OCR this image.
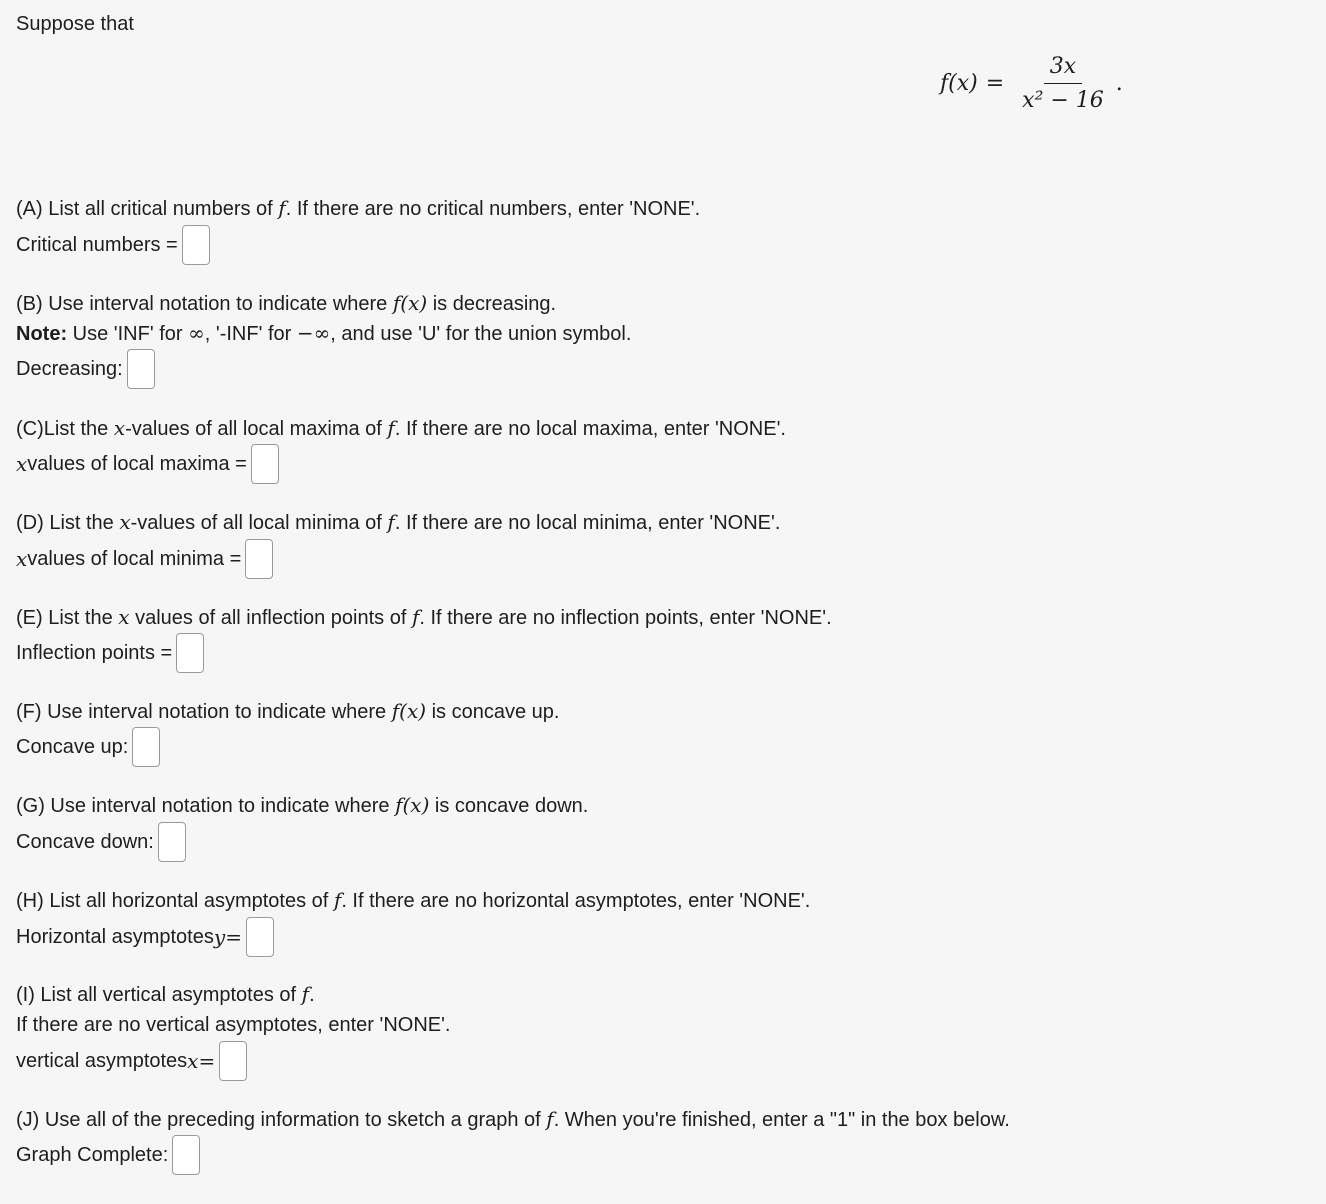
Suppose that
$f(x) = \frac{3x}{\text{x² − 16}}$ .
(A) List all critical numbers of f. If there are no critical numbers, enter 'NONE'.
Critical numbers =
(B) Use interval notation to indicate where f(x) is decreasing.
Note: Use 'INF' for ∞, '-INF' for −∞, and use 'U' for the union symbol.
Decreasing:
(C)List the x-values of all local maxima of f. If there are no local maxima, enter 'NONE'.
x values of local maxima =
(D) List the x-values of all local minima of f. If there are no local minima, enter 'NONE'.
x values of local minima =
(E) List the x values of all inflection points of f. If there are no inflection points, enter 'NONE'.
Inflection points =
(F) Use interval notation to indicate where f(x) is concave up.
Concave up:
(G) Use interval notation to indicate where f(x) is concave down.
Concave down:
(H) List all horizontal asymptotes of f. If there are no horizontal asymptotes, enter 'NONE'.
Horizontal asymptotes y =
(I) List all vertical asymptotes of f.
If there are no vertical asymptotes, enter 'NONE'.
vertical asymptotes x =
(J) Use all of the preceding information to sketch a graph of f. When you're finished, enter a "1" in the box below.
Graph Complete:
